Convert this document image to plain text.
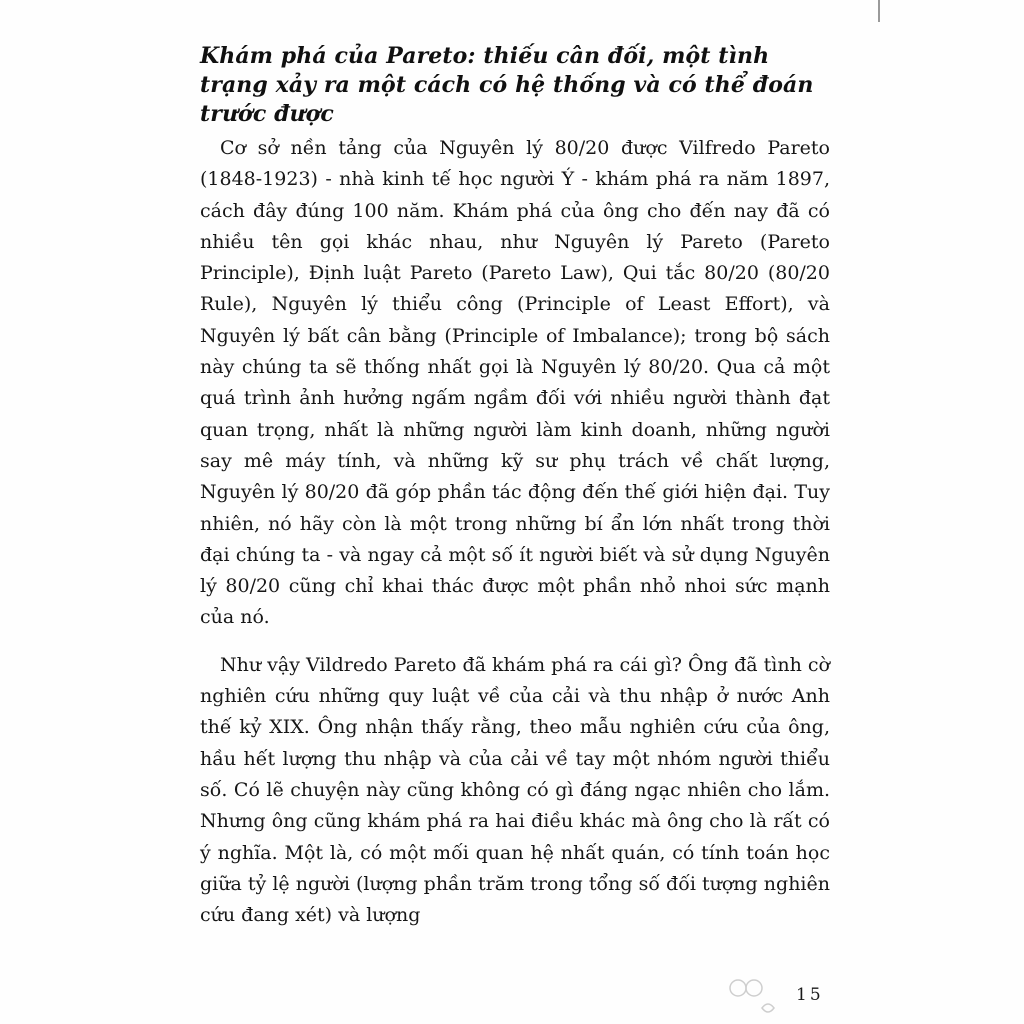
Khám phá của Pareto: thiếu cân đối, một tình trạng xảy ra một cách có hệ thống và có thể đoán trước được

Cơ sở nền tảng của Nguyên lý 80/20 được Vilfredo Pareto (1848-1923) - nhà kinh tế học người Ý - khám phá ra năm 1897, cách đây đúng 100 năm. Khám phá của ông cho đến nay đã có nhiều tên gọi khác nhau, như Nguyên lý Pareto (Pareto Principle), Định luật Pareto (Pareto Law), Qui tắc 80/20 (80/20 Rule), Nguyên lý thiểu công (Principle of Least Effort), và Nguyên lý bất cân bằng (Principle of Imbalance); trong bộ sách này chúng ta sẽ thống nhất gọi là Nguyên lý 80/20. Qua cả một quá trình ảnh hưởng ngấm ngầm đối với nhiều người thành đạt quan trọng, nhất là những người làm kinh doanh, những người say mê máy tính, và những kỹ sư phụ trách về chất lượng, Nguyên lý 80/20 đã góp phần tác động đến thế giới hiện đại. Tuy nhiên, nó hãy còn là một trong những bí ẩn lớn nhất trong thời đại chúng ta - và ngay cả một số ít người biết và sử dụng Nguyên lý 80/20 cũng chỉ khai thác được một phần nhỏ nhoi sức mạnh của nó.

Như vậy Vildredo Pareto đã khám phá ra cái gì? Ông đã tình cờ nghiên cứu những quy luật về của cải và thu nhập ở nước Anh thế kỷ XIX. Ông nhận thấy rằng, theo mẫu nghiên cứu của ông, hầu hết lượng thu nhập và của cải về tay một nhóm người thiểu số. Có lẽ chuyện này cũng không có gì đáng ngạc nhiên cho lắm. Nhưng ông cũng khám phá ra hai điều khác mà ông cho là rất có ý nghĩa. Một là, có một mối quan hệ nhất quán, có tính toán học giữa tỷ lệ người (lượng phần trăm trong tổng số đối tượng nghiên cứu đang xét) và lượng

15
